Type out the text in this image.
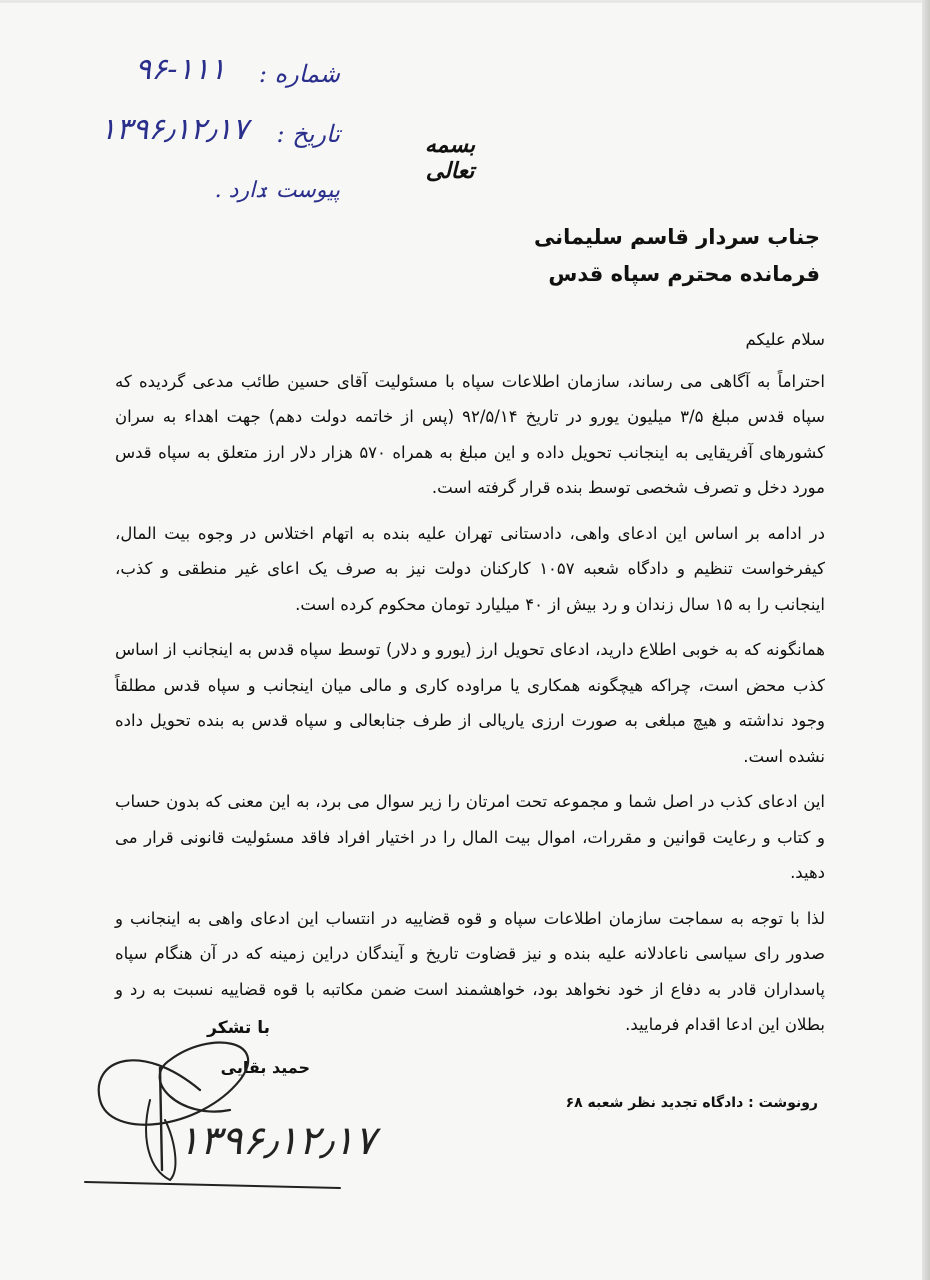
شماره :
۹۶-۱۱۱
تاریخ :
۱۳۹۶٫۱۲٫۱۷
پیوست :
دارد .
بسمه تعالی
جناب سردار قاسم سلیمانی
فرمانده محترم سپاه قدس

سلام علیکم

احتراماً به آگاهی می رساند، سازمان اطلاعات سپاه با مسئولیت آقای حسین طائب مدعی گردیده که سپاه قدس مبلغ ۳/۵ میلیون یورو در تاریخ ۹۲/۵/۱۴ (پس از خاتمه دولت دهم) جهت اهداء به سران کشورهای آفریقایی به اینجانب تحویل داده و این مبلغ به همراه ۵۷۰ هزار دلار ارز متعلق به سپاه قدس مورد دخل و تصرف شخصی توسط بنده قرار گرفته است.

در ادامه بر اساس این ادعای واهی، دادستانی تهران علیه بنده به اتهام اختلاس در وجوه بیت المال، کیفرخواست تنظیم و دادگاه شعبه ۱۰۵۷ کارکنان دولت نیز به صرف یک اعای غیر منطقی و کذب، اینجانب را به ۱۵ سال زندان و رد بیش از ۴۰ میلیارد تومان محکوم کرده است.

همانگونه که به خوبی اطلاع دارید، ادعای تحویل ارز (یورو و دلار) توسط سپاه قدس به اینجانب از اساس کذب محض است، چراکه هیچگونه همکاری یا مراوده کاری و مالی میان اینجانب و سپاه قدس مطلقاً وجود نداشته و هیچ مبلغی به صورت ارزی یاریالی از طرف جنابعالی و سپاه قدس به بنده تحویل داده نشده است.

این ادعای کذب در اصل شما و مجموعه تحت امرتان را زیر سوال می برد، به این معنی که بدون حساب و کتاب و رعایت قوانین و مقررات، اموال بیت المال را در اختیار افراد فاقد مسئولیت قانونی قرار می دهید.

لذا با توجه به سماجت سازمان اطلاعات سپاه و قوه قضاییه در انتساب این ادعای واهی به اینجانب و صدور رای سیاسی ناعادلانه علیه بنده و نیز قضاوت تاریخ و آیندگان دراین زمینه که در آن هنگام سپاه پاسداران قادر به دفاع از خود نخواهد بود، خواهشمند است ضمن مکاتبه با قوه قضاییه نسبت به رد و بطلان این ادعا اقدام فرمایید.

با تشکر
حمید بقایی
رونوشت : دادگاه تجدید نظر شعبه ۶۸
۱۳۹۶٫۱۲٫۱۷
